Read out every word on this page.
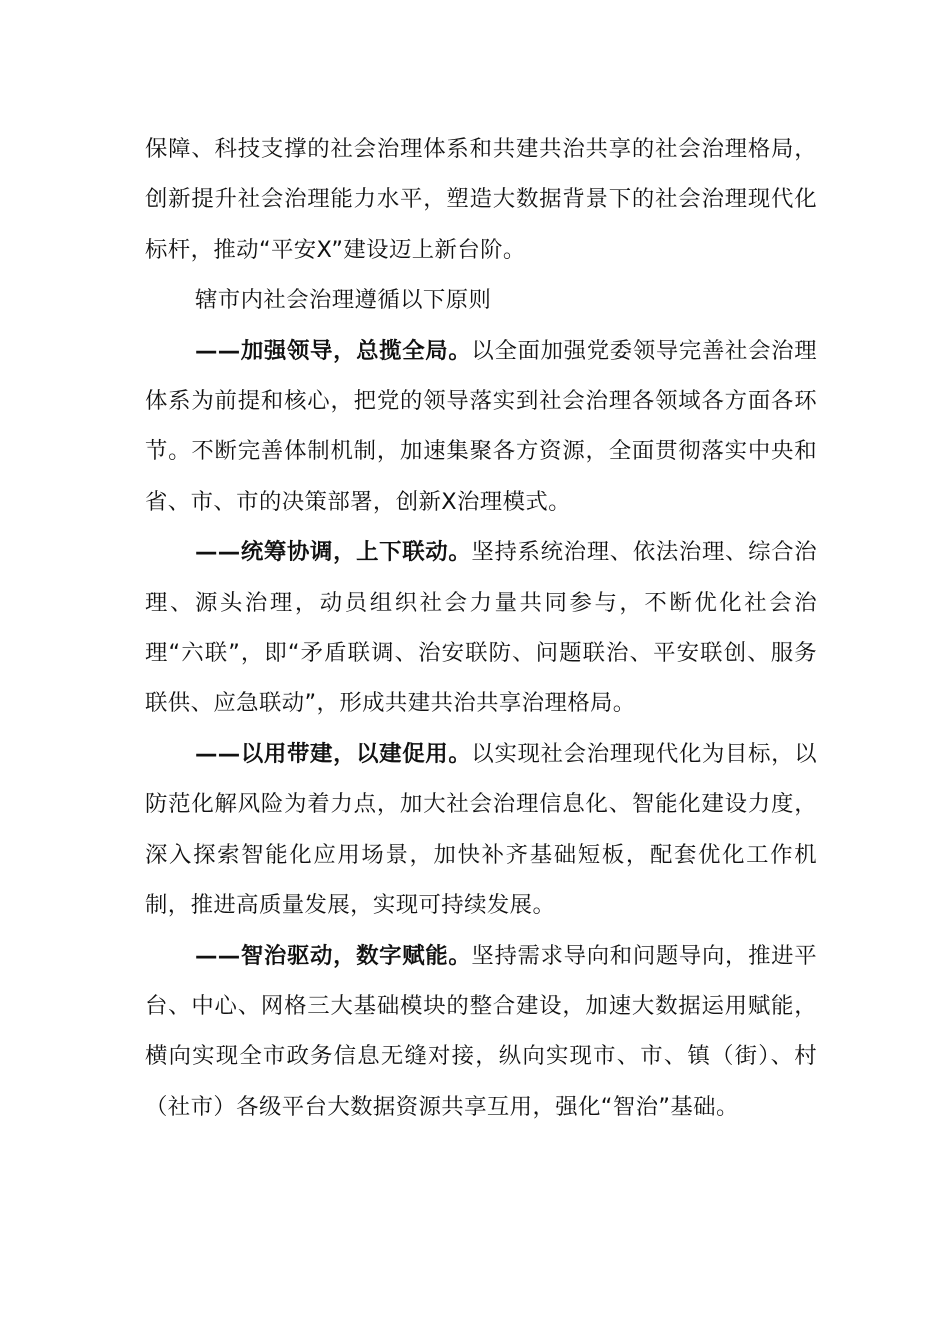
保障、科技支撑的社会治理体系和共建共治共享的社会治理格局，创新提升社会治理能力水平，塑造大数据背景下的社会治理现代化标杆，推动“平安X”建设迈上新台阶。

辖市内社会治理遵循以下原则

——加强领导，总揽全局。以全面加强党委领导完善社会治理体系为前提和核心，把党的领导落实到社会治理各领域各方面各环节。不断完善体制机制，加速集聚各方资源，全面贯彻落实中央和省、市、市的决策部署，创新X治理模式。

——统筹协调，上下联动。坚持系统治理、依法治理、综合治理、源头治理，动员组织社会力量共同参与，不断优化社会治理“六联”，即“矛盾联调、治安联防、问题联治、平安联创、服务联供、应急联动”，形成共建共治共享治理格局。

——以用带建，以建促用。以实现社会治理现代化为目标，以防范化解风险为着力点，加大社会治理信息化、智能化建设力度，深入探索智能化应用场景，加快补齐基础短板，配套优化工作机制，推进高质量发展，实现可持续发展。

——智治驱动，数字赋能。坚持需求导向和问题导向，推进平台、中心、网格三大基础模块的整合建设，加速大数据运用赋能，横向实现全市政务信息无缝对接，纵向实现市、市、镇（街）、村（社市）各级平台大数据资源共享互用，强化“智治”基础。
